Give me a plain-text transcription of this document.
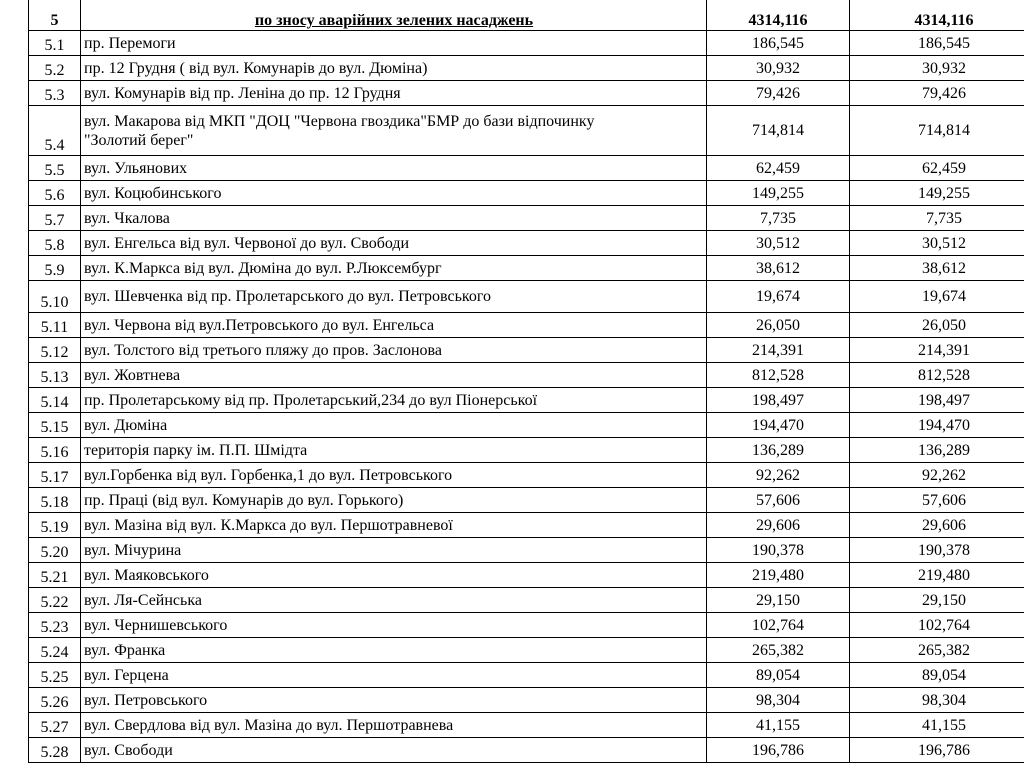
5	по зносу аварійних зелених насаджень	4314,116	4314,116
5.1	пр. Перемоги	186,545	186,545
5.2	пр. 12 Грудня ( від вул. Комунарів до вул. Дюміна)	30,932	30,932
5.3	вул. Комунарів від пр. Леніна до пр. 12 Грудня	79,426	79,426
5.4	вул. Макарова від МКП "ДОЦ "Червона гвоздика"БМР до бази відпочинку
"Золотий берег"	714,814	714,814
5.5	вул. Ульянових	62,459	62,459
5.6	вул. Коцюбинського	149,255	149,255
5.7	вул. Чкалова	7,735	7,735
5.8	вул. Енгельса від вул. Червоної до вул. Свободи	30,512	30,512
5.9	вул. К.Маркса від вул. Дюміна до вул. Р.Люксембург	38,612	38,612
5.10	вул. Шевченка від пр. Пролетарського до вул. Петровського	19,674	19,674
5.11	вул. Червона від вул.Петровського до вул. Енгельса	26,050	26,050
5.12	вул. Толстого від третього пляжу до пров. Заслонова	214,391	214,391
5.13	вул. Жовтнева	812,528	812,528
5.14	пр. Пролетарському від пр. Пролетарський,234 до вул Піонерської	198,497	198,497
5.15	вул. Дюміна	194,470	194,470
5.16	територія парку ім. П.П. Шмідта	136,289	136,289
5.17	вул.Горбенка від вул. Горбенка,1 до вул. Петровського	92,262	92,262
5.18	пр. Праці (від вул. Комунарів до вул. Горького)	57,606	57,606
5.19	вул. Мазіна від вул. К.Маркса до вул. Першотравневої	29,606	29,606
5.20	вул. Мічурина	190,378	190,378
5.21	вул. Маяковського	219,480	219,480
5.22	вул. Ля-Сейнська	29,150	29,150
5.23	вул. Чернишевського	102,764	102,764
5.24	вул. Франка	265,382	265,382
5.25	вул. Герцена	89,054	89,054
5.26	вул. Петровського	98,304	98,304
5.27	вул. Свердлова від вул. Мазіна до вул. Першотравнева	41,155	41,155
5.28	вул. Свободи	196,786	196,786
